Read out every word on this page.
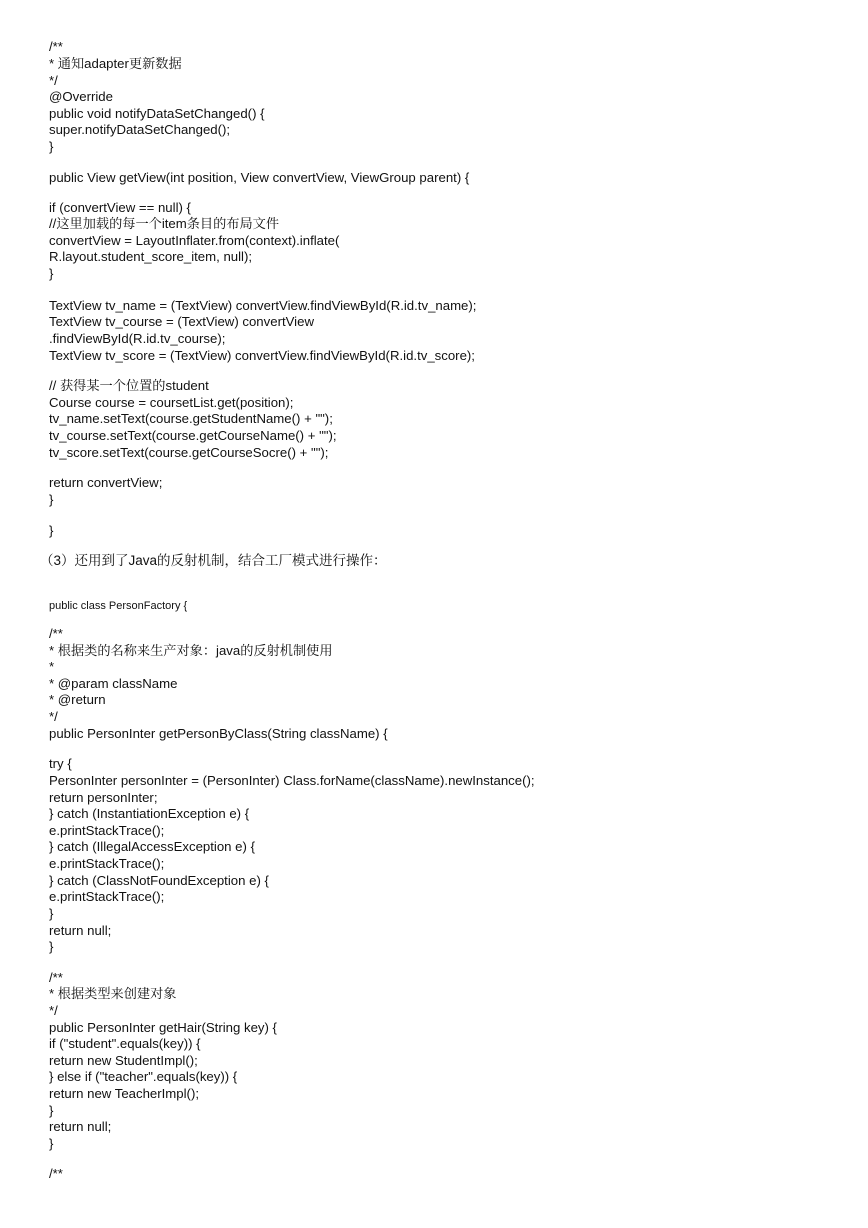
/**
* 通知adapter更新数据
*/
@Override
public void notifyDataSetChanged() {
super.notifyDataSetChanged();
}
public View getView(int position, View convertView, ViewGroup parent) {
if (convertView == null) {
//这里加载的每一个item条目的布局文件
convertView = LayoutInflater.from(context).inflate(
R.layout.student_score_item, null);
}
TextView tv_name = (TextView) convertView.findViewById(R.id.tv_name);
TextView tv_course = (TextView) convertView
.findViewById(R.id.tv_course);
TextView tv_score = (TextView) convertView.findViewById(R.id.tv_score);
// 获得某一个位置的student
Course course = coursetList.get(position);
tv_name.setText(course.getStudentName() + "");
tv_course.setText(course.getCourseName() + "");
tv_score.setText(course.getCourseSocre() + "");
return convertView;
}
}
（3）还用到了Java的反射机制，结合工厂模式进行操作：
public class PersonFactory {
/**
* 根据类的名称来生产对象：java的反射机制使用
*
* @param className
* @return
*/
public PersonInter getPersonByClass(String className) {
try {
PersonInter personInter = (PersonInter) Class.forName(className).newInstance();
return personInter;
} catch (InstantiationException e) {
e.printStackTrace();
} catch (IllegalAccessException e) {
e.printStackTrace();
} catch (ClassNotFoundException e) {
e.printStackTrace();
}
return null;
}
/**
* 根据类型来创建对象
*/
public PersonInter getHair(String key) {
if ("student".equals(key)) {
return new StudentImpl();
} else if ("teacher".equals(key)) {
return new TeacherImpl();
}
return null;
}
/**
